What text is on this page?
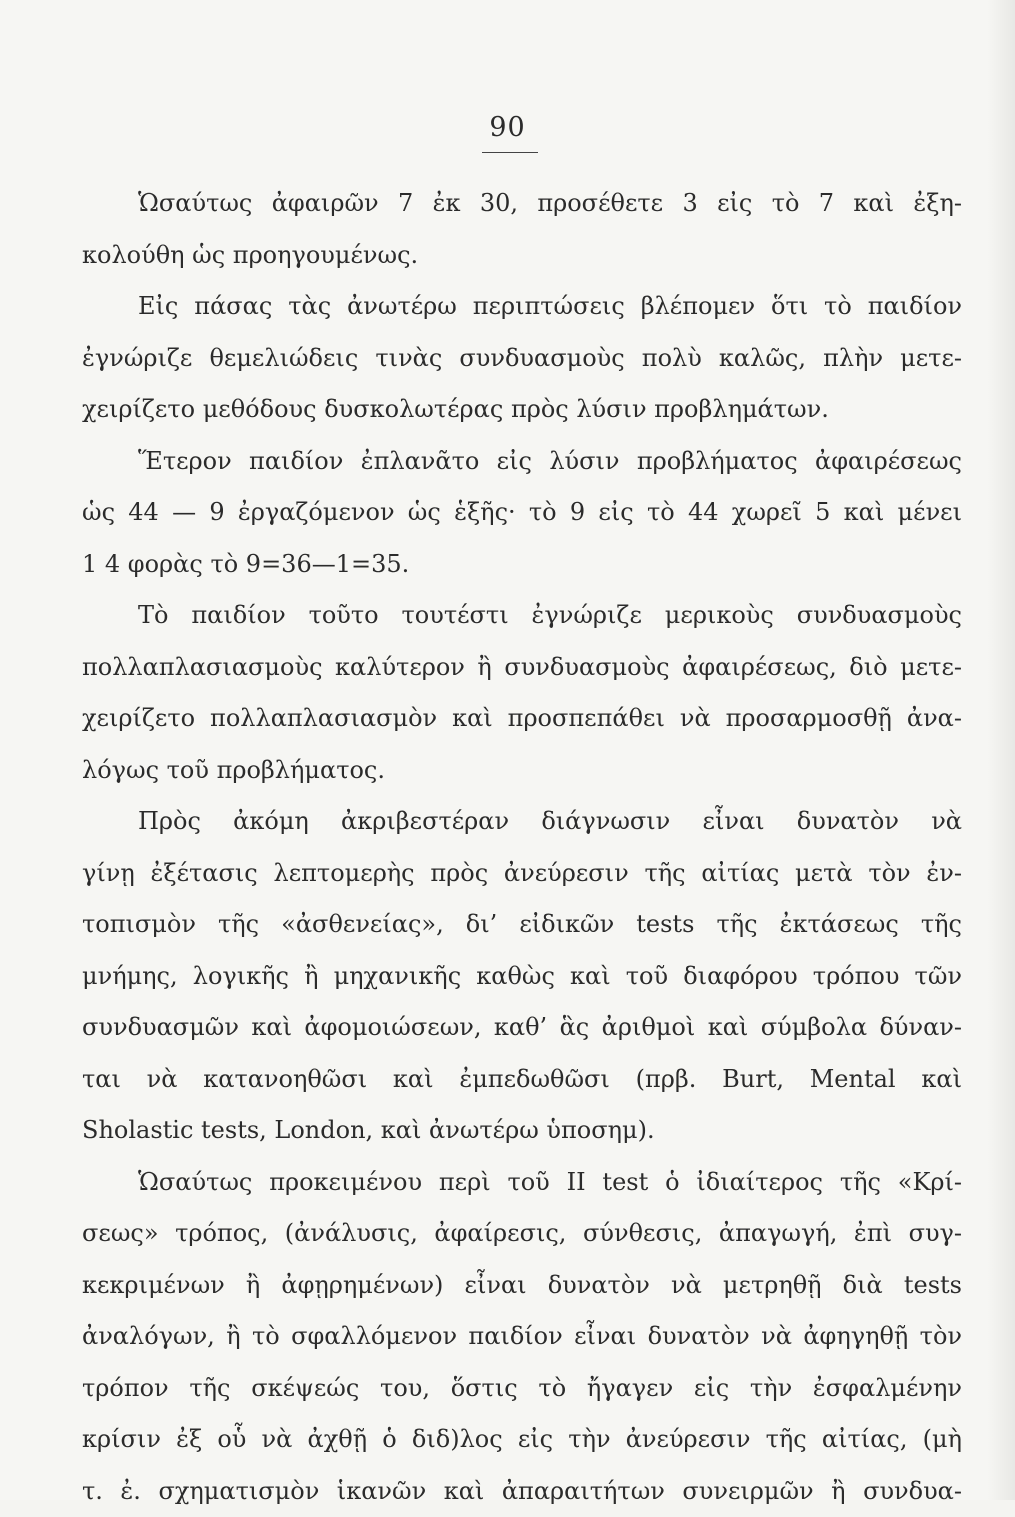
90
Ὡσαύτως ἀφαιρῶν 7 ἐκ 30, προσέθετε 3 εἰς τὸ 7 καὶ ἐξη-
κολούθη ὡς προηγουμένως.
Εἰς πάσας τὰς ἀνωτέρω περιπτώσεις βλέπομεν ὅτι τὸ παιδίον
ἐγνώριζε θεμελιώδεις τινὰς συνδυασμοὺς πολὺ καλῶς, πλὴν μετε-
χειρίζετο μεθόδους δυσκολωτέρας πρὸς λύσιν προβλημάτων.
Ἕτερον παιδίον ἐπλανᾶτο εἰς λύσιν προβλήματος ἀφαιρέσεως
ὡς 44 — 9 ἐργαζόμενον ὡς ἑξῆς· τὸ 9 εἰς τὸ 44 χωρεῖ 5 καὶ μένει
1 4 φορὰς τὸ 9=36—1=35.
Τὸ παιδίον τοῦτο τουτέστι ἐγνώριζε μερικοὺς συνδυασμοὺς
πολλαπλασιασμοὺς καλύτερον ἢ συνδυασμοὺς ἀφαιρέσεως, διὸ μετε-
χειρίζετο πολλαπλασιασμὸν καὶ προσπεπάθει νὰ προσαρμοσθῇ ἀνα-
λόγως τοῦ προβλήματος.
Πρὸς ἀκόμη ἀκριβεστέραν διάγνωσιν εἶναι δυνατὸν νὰ
γίνῃ ἐξέτασις λεπτομερὴς πρὸς ἀνεύρεσιν τῆς αἰτίας μετὰ τὸν ἐν-
τοπισμὸν τῆς «ἀσθενείας», δι’ εἰδικῶν tests τῆς ἐκτάσεως τῆς
μνήμης, λογικῆς ἢ μηχανικῆς καθὼς καὶ τοῦ διαφόρου τρόπου τῶν
συνδυασμῶν καὶ ἀφομοιώσεων, καθ’ ἃς ἀριθμοὶ καὶ σύμβολα δύναν-
ται νὰ κατανοηθῶσι καὶ ἐμπεδωθῶσι (πρβ. Burt, Mental καὶ
Sholastic tests, London, καὶ ἀνωτέρω ὑποσημ).
Ὡσαύτως προκειμένου περὶ τοῦ II test ὁ ἰδιαίτερος τῆς «Κρί-
σεως» τρόπος, (ἀνάλυσις, ἀφαίρεσις, σύνθεσις, ἀπαγωγή, ἐπὶ συγ-
κεκριμένων ἢ ἀφῃρημένων) εἶναι δυνατὸν νὰ μετρηθῇ διὰ tests
ἀναλόγων, ἢ τὸ σφαλλόμενον παιδίον εἶναι δυνατὸν νὰ ἀφηγηθῇ τὸν
τρόπον τῆς σκέψεώς του, ὅστις τὸ ἤγαγεν εἰς τὴν ἐσφαλμένην
κρίσιν ἐξ οὗ νὰ ἀχθῇ ὁ διδ)λος εἰς τὴν ἀνεύρεσιν τῆς αἰτίας, (μὴ
τ. ἐ. σχηματισμὸν ἱκανῶν καὶ ἀπαραιτήτων συνειρμῶν ἢ συνδυα-
